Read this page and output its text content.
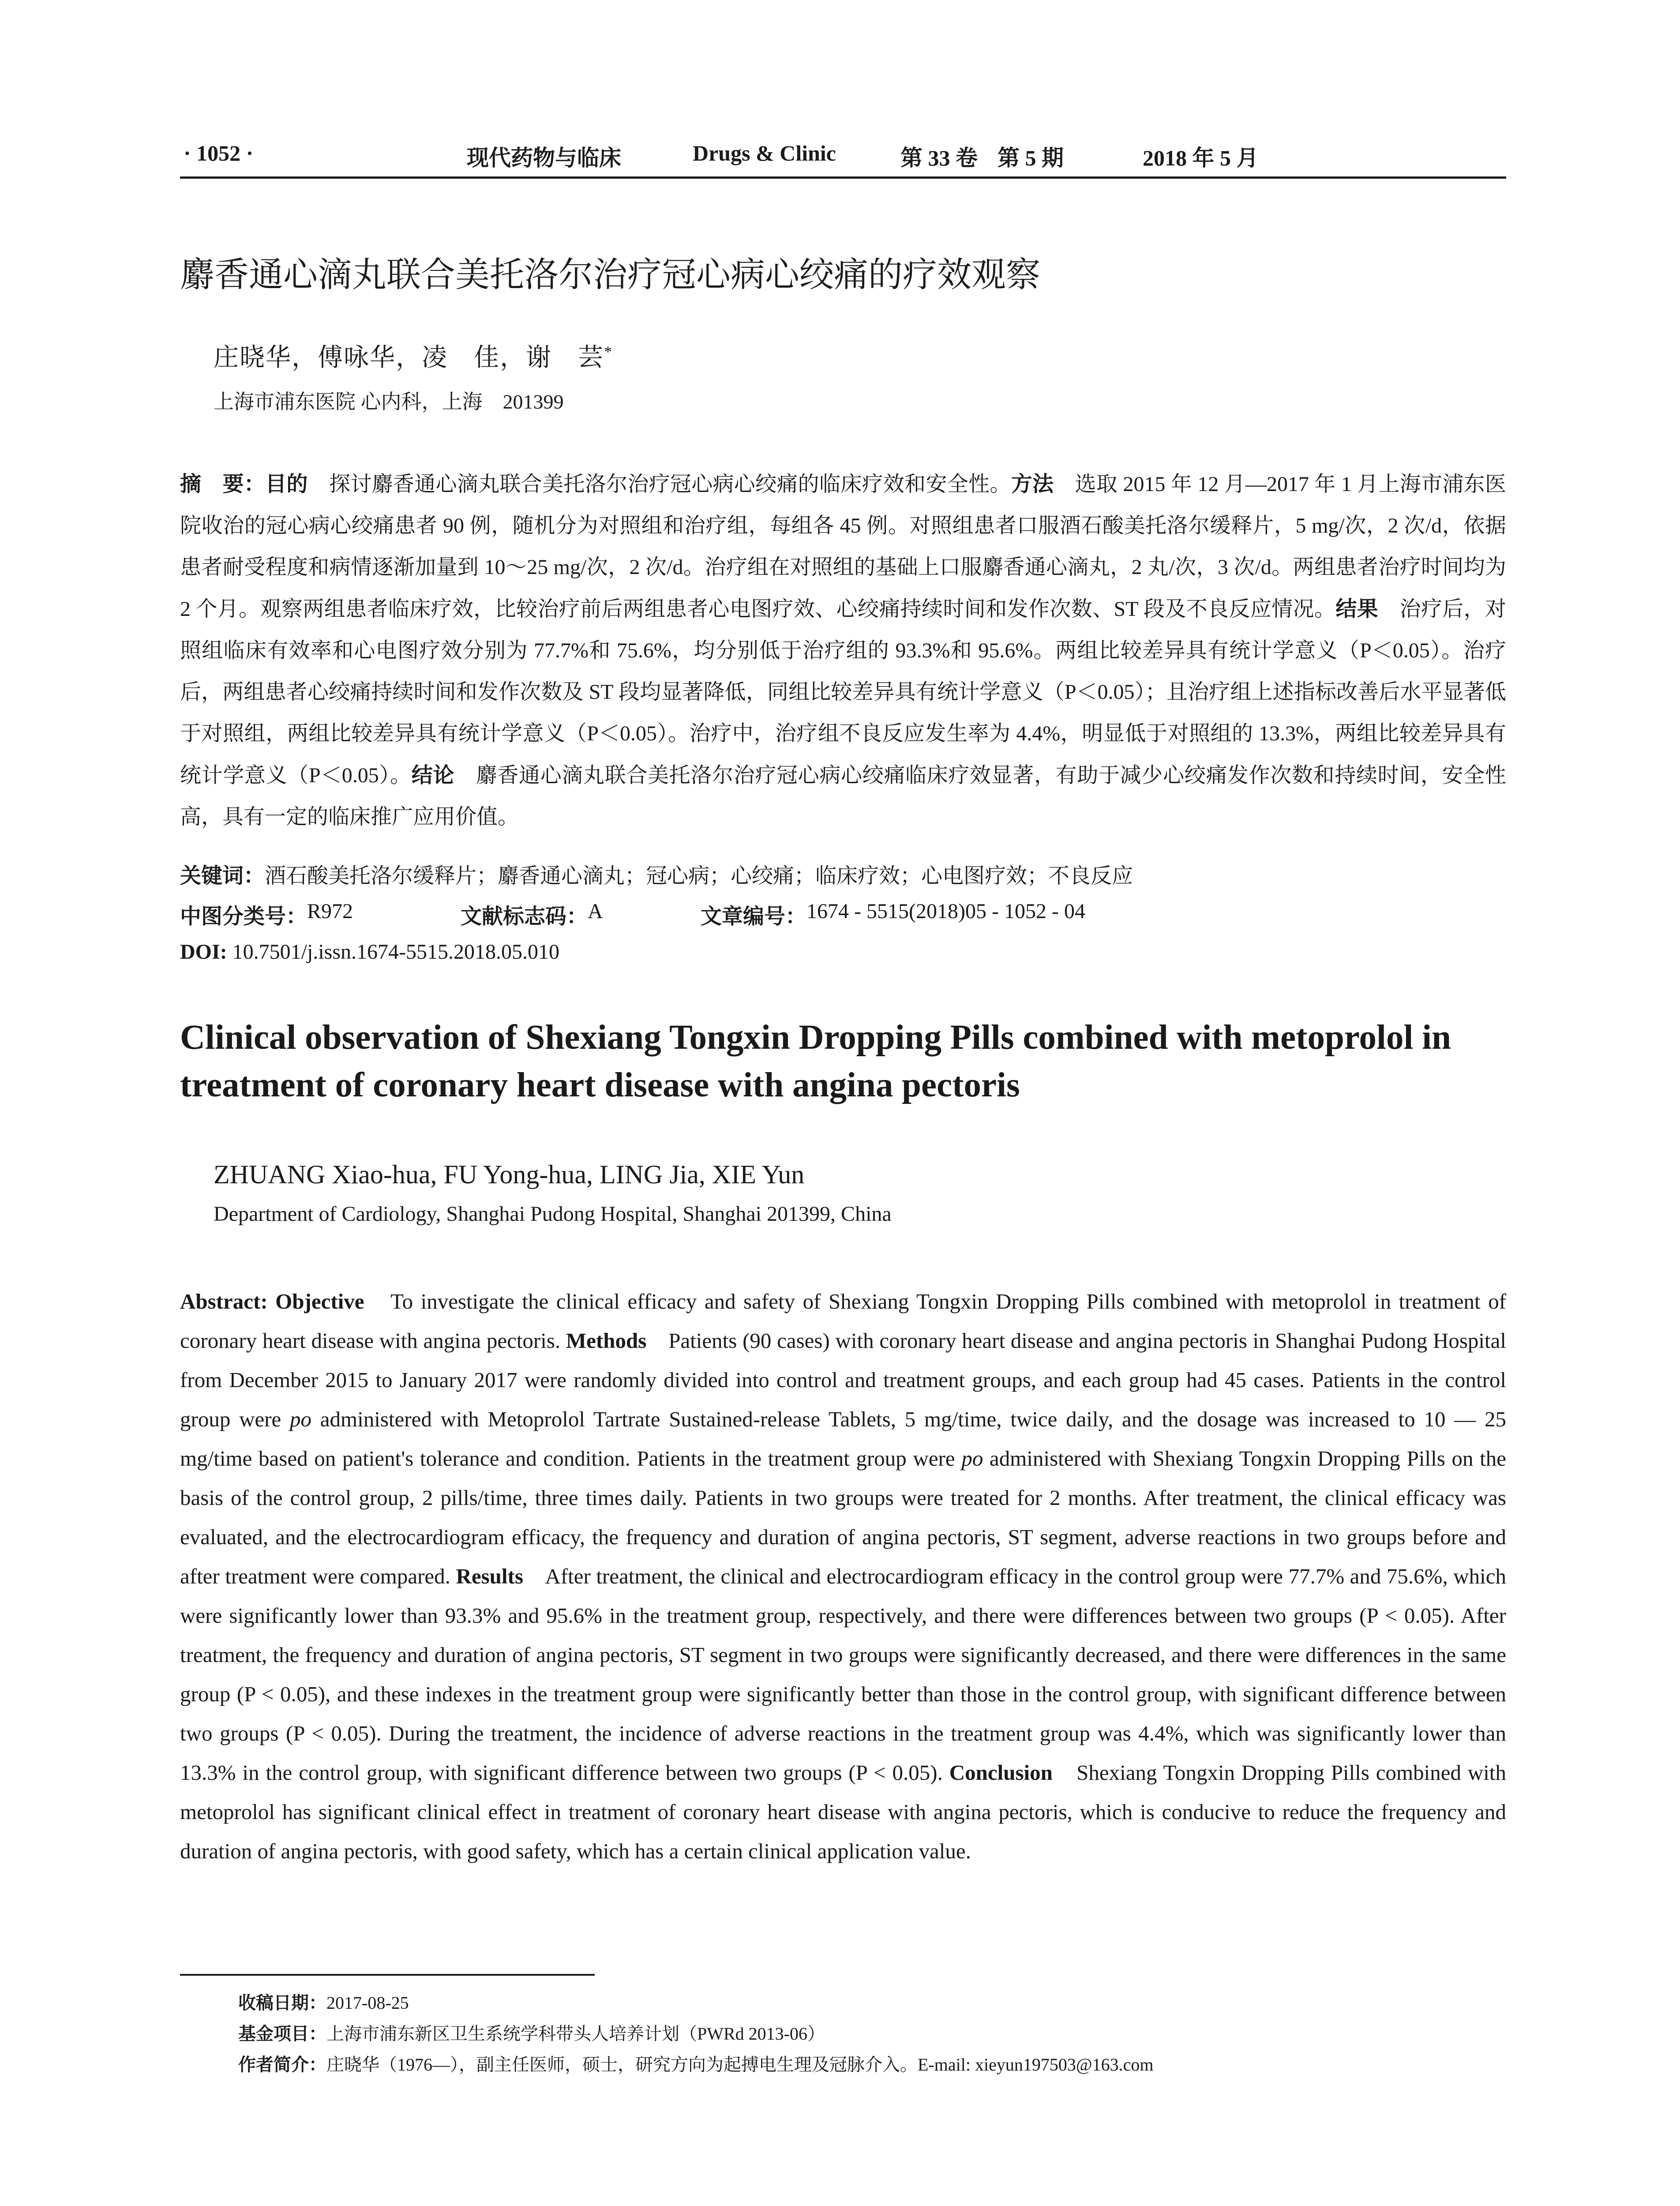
· 1052 ·	现代药物与临床	Drugs & Clinic	第 33 卷 第 5 期	2018 年 5 月
麝香通心滴丸联合美托洛尔治疗冠心病心绞痛的疗效观察
庄晓华，傅咏华，凌　佳，谢　芸*
上海市浦东医院 心内科，上海　201399

摘　要：目的　探讨麝香通心滴丸联合美托洛尔治疗冠心病心绞痛的临床疗效和安全性。方法　选取 2015 年 12 月—2017 年 1 月上海市浦东医院收治的冠心病心绞痛患者 90 例，随机分为对照组和治疗组，每组各 45 例。对照组患者口服酒石酸美托洛尔缓释片，5 mg/次，2 次/d，依据患者耐受程度和病情逐渐加量到 10～25 mg/次，2 次/d。治疗组在对照组的基础上口服麝香通心滴丸，2 丸/次，3 次/d。两组患者治疗时间均为 2 个月。观察两组患者临床疗效，比较治疗前后两组患者心电图疗效、心绞痛持续时间和发作次数、ST 段及不良反应情况。结果　治疗后，对照组临床有效率和心电图疗效分别为 77.7%和 75.6%，均分别低于治疗组的 93.3%和 95.6%。两组比较差异具有统计学意义（P＜0.05）。治疗后，两组患者心绞痛持续时间和发作次数及 ST 段均显著降低，同组比较差异具有统计学意义（P＜0.05）；且治疗组上述指标改善后水平显著低于对照组，两组比较差异具有统计学意义（P＜0.05）。治疗中，治疗组不良反应发生率为 4.4%，明显低于对照组的 13.3%，两组比较差异具有统计学意义（P＜0.05）。结论　麝香通心滴丸联合美托洛尔治疗冠心病心绞痛临床疗效显著，有助于减少心绞痛发作次数和持续时间，安全性高，具有一定的临床推广应用价值。

关键词：酒石酸美托洛尔缓释片；麝香通心滴丸；冠心病；心绞痛；临床疗效；心电图疗效；不良反应
中图分类号： R972	文献标志码： A	文章编号： 1674 - 5515(2018)05 - 1052 - 04
DOI: 10.7501/j.issn.1674-5515.2018.05.010
Clinical observation of Shexiang Tongxin Dropping Pills combined with metoprolol in treatment of coronary heart disease with angina pectoris
ZHUANG Xiao-hua, FU Yong-hua, LING Jia, XIE Yun
Department of Cardiology, Shanghai Pudong Hospital, Shanghai 201399, China

Abstract: Objective　To investigate the clinical efficacy and safety of Shexiang Tongxin Dropping Pills combined with metoprolol in treatment of coronary heart disease with angina pectoris. Methods　Patients (90 cases) with coronary heart disease and angina pectoris in Shanghai Pudong Hospital from December 2015 to January 2017 were randomly divided into control and treatment groups, and each group had 45 cases. Patients in the control group were po administered with Metoprolol Tartrate Sustained-release Tablets, 5 mg/time, twice daily, and the dosage was increased to 10 — 25 mg/time based on patient's tolerance and condition. Patients in the treatment group were po administered with Shexiang Tongxin Dropping Pills on the basis of the control group, 2 pills/time, three times daily. Patients in two groups were treated for 2 months. After treatment, the clinical efficacy was evaluated, and the electrocardiogram efficacy, the frequency and duration of angina pectoris, ST segment, adverse reactions in two groups before and after treatment were compared. Results　After treatment, the clinical and electrocardiogram efficacy in the control group were 77.7% and 75.6%, which were significantly lower than 93.3% and 95.6% in the treatment group, respectively, and there were differences between two groups (P < 0.05). After treatment, the frequency and duration of angina pectoris, ST segment in two groups were significantly decreased, and there were differences in the same group (P < 0.05), and these indexes in the treatment group were significantly better than those in the control group, with significant difference between two groups (P < 0.05). During the treatment, the incidence of adverse reactions in the treatment group was 4.4%, which was significantly lower than 13.3% in the control group, with significant difference between two groups (P < 0.05). Conclusion　Shexiang Tongxin Dropping Pills combined with metoprolol has significant clinical effect in treatment of coronary heart disease with angina pectoris, which is conducive to reduce the frequency and duration of angina pectoris, with good safety, which has a certain clinical application value.

收稿日期：2017-08-25
基金项目：上海市浦东新区卫生系统学科带头人培养计划（PWRd 2013-06）
作者简介：庄晓华（1976—），副主任医师，硕士，研究方向为起搏电生理及冠脉介入。E-mail: xieyun197503@163.com
